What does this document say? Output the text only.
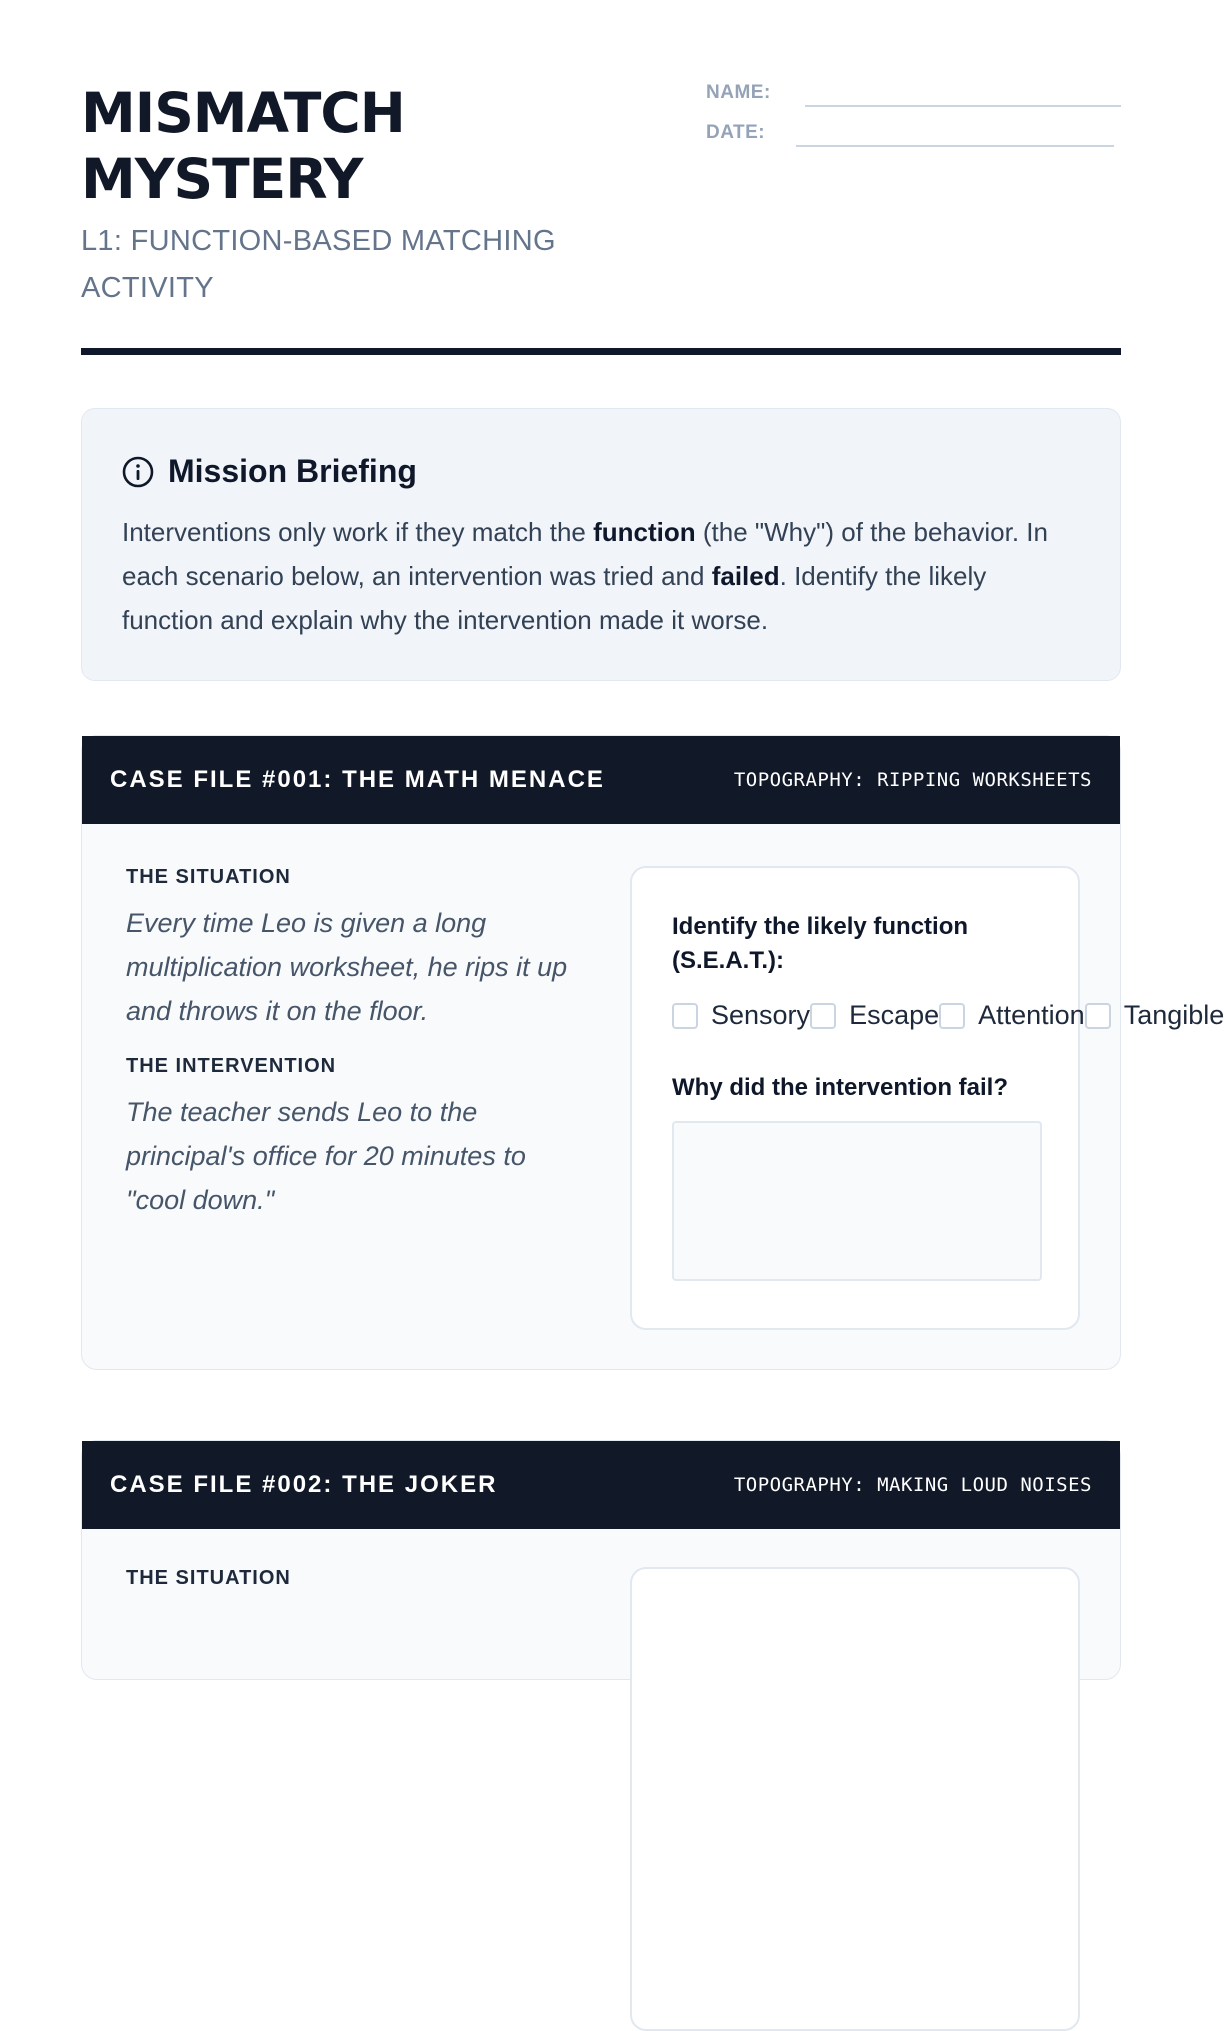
MISMATCH
MYSTERY
L1: FUNCTION-BASED MATCHING ACTIVITY
NAME:
DATE:
Mission Briefing

Interventions only work if they match the function (the "Why") of the behavior. In each scenario below, an intervention was tried and failed. Identify the likely function and explain why the intervention made it worse.

CASE FILE #001: THE MATH MENACE	TOPOGRAPHY: RIPPING WORKSHEETS
THE SITUATION

Every time Leo is given a long multiplication worksheet, he rips it up and throws it on the floor.

THE INTERVENTION

The teacher sends Leo to the principal's office for 20 minutes to "cool down."

Identify the likely function (S.E.A.T.):
Sensory Escape Attention Tangible
Why did the intervention fail?
CASE FILE #002: THE JOKER	TOPOGRAPHY: MAKING LOUD NOISES
THE SITUATION
